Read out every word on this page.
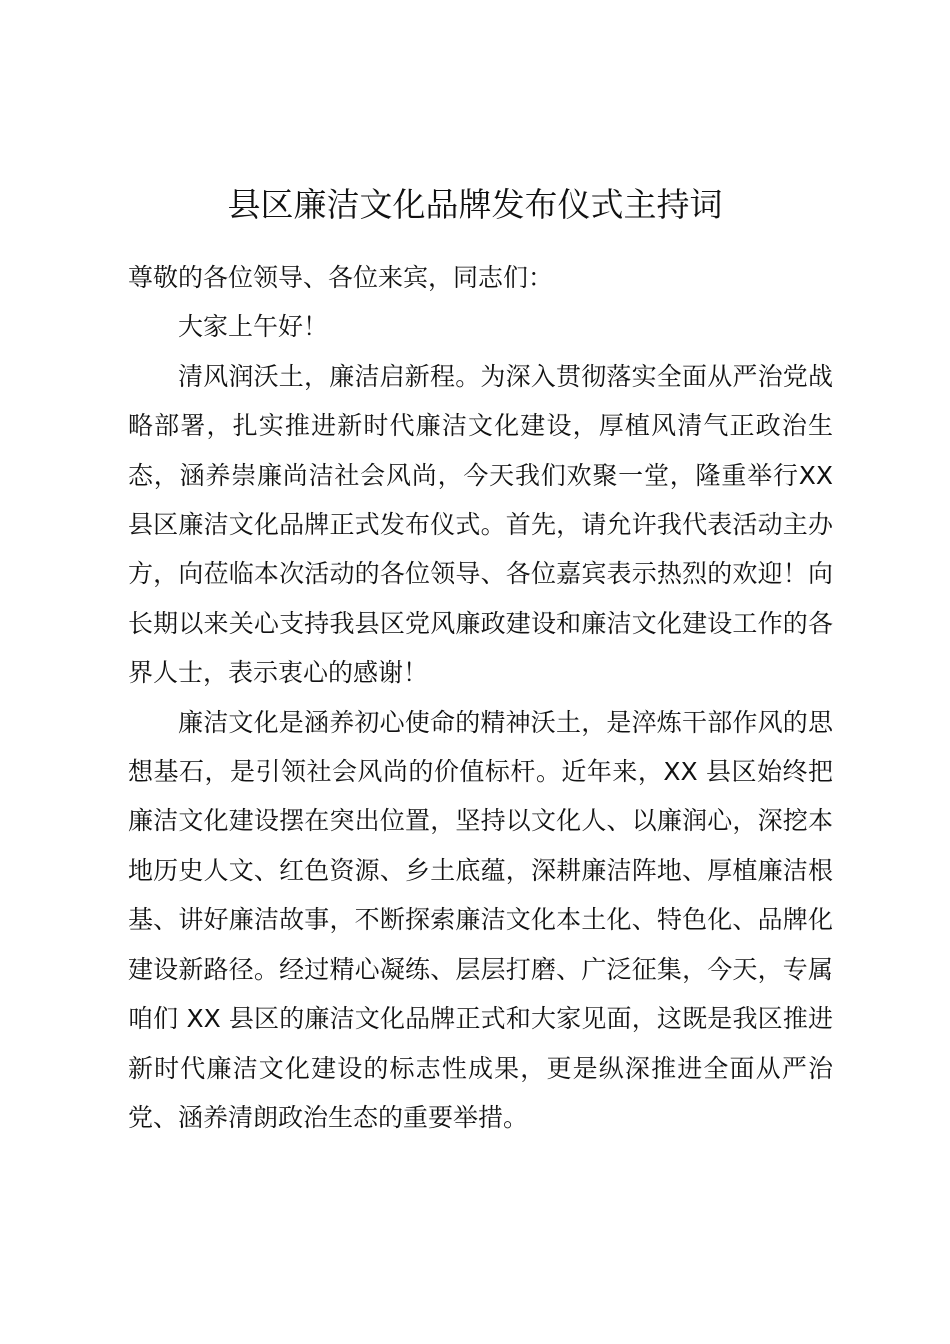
县区廉洁文化品牌发布仪式主持词

尊敬的各位领导、各位来宾，同志们：

大家上午好！

清风润沃土，廉洁启新程。为深入贯彻落实全面从严治党战略部署，扎实推进新时代廉洁文化建设，厚植风清气正政治生态，涵养崇廉尚洁社会风尚，今天我们欢聚一堂，隆重举行XX 县区廉洁文化品牌正式发布仪式。首先，请允许我代表活动主办方，向莅临本次活动的各位领导、各位嘉宾表示热烈的欢迎！向长期以来关心支持我县区党风廉政建设和廉洁文化建设工作的各界人士，表示衷心的感谢！

廉洁文化是涵养初心使命的精神沃土，是淬炼干部作风的思想基石，是引领社会风尚的价值标杆。近年来，XX 县区始终把廉洁文化建设摆在突出位置，坚持以文化人、以廉润心，深挖本地历史人文、红色资源、乡土底蕴，深耕廉洁阵地、厚植廉洁根基、讲好廉洁故事，不断探索廉洁文化本土化、特色化、品牌化建设新路径。经过精心凝练、层层打磨、广泛征集，今天，专属咱们 XX 县区的廉洁文化品牌正式和大家见面，这既是我区推进新时代廉洁文化建设的标志性成果，更是纵深推进全面从严治党、涵养清朗政治生态的重要举措。
